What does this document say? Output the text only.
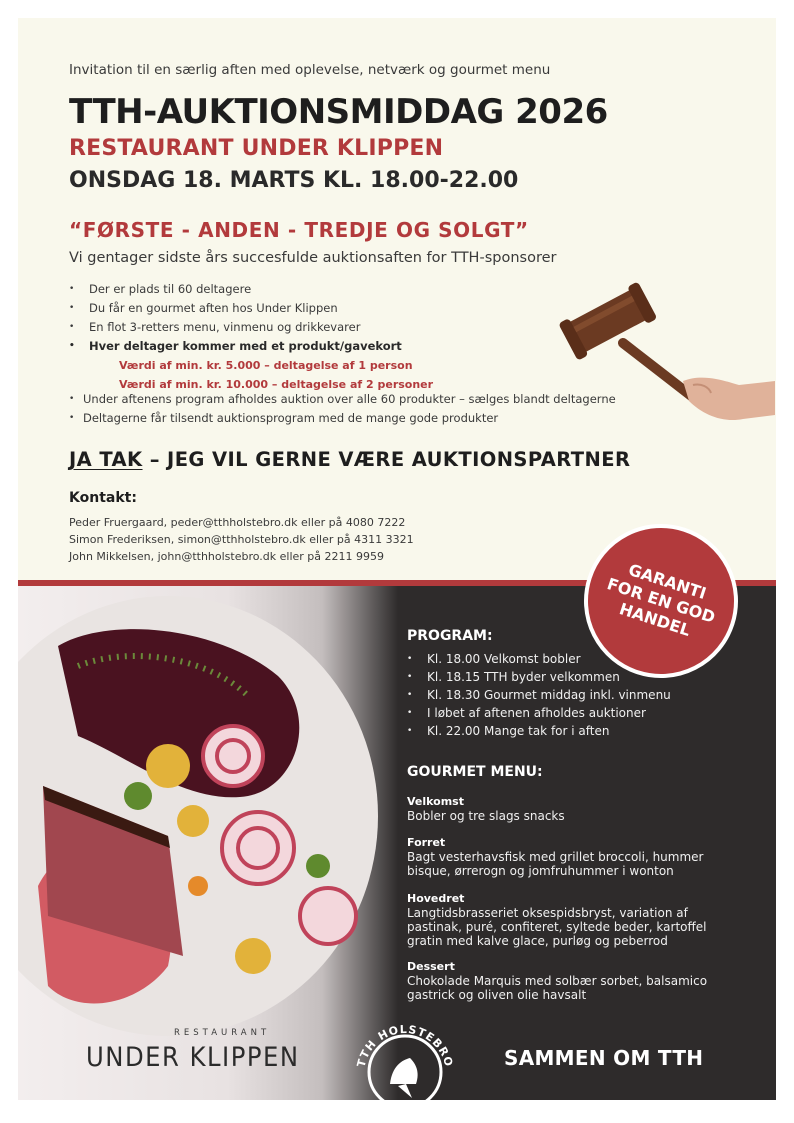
Invitation til en særlig aften med oplevelse, netværk og gourmet menu
TTH-AUKTIONSMIDDAG 2026
RESTAURANT UNDER KLIPPEN
ONSDAG 18. MARTS KL. 18.00-22.00
“FØRSTE - ANDEN - TREDJE OG SOLGT”
Vi gentager sidste års succesfulde auktionsaften for TTH-sponsorer
• Der er plads til 60 deltagere
• Du får en gourmet aften hos Under Klippen
• En flot 3-retters menu, vinmenu og drikkevarer
• Hver deltager kommer med et produkt/gavekort
Værdi af min. kr. 5.000 – deltagelse af 1 person
Værdi af min. kr. 10.000 – deltagelse af 2 personer
• Under aftenens program afholdes auktion over alle 60 produkter – sælges blandt deltagerne
• Deltagerne får tilsendt auktionsprogram med de mange gode produkter
JA TAK – JEG VIL GERNE VÆRE AUKTIONSPARTNER
Kontakt:
Peder Fruergaard, peder@tthholstebro.dk eller på 4080 7222
Simon Frederiksen, simon@tthholstebro.dk eller på 4311 3321
John Mikkelsen, john@tthholstebro.dk eller på 2211 9959
RESTAURANT
UNDER KLIPPEN
GARANTI
FOR EN GOD
HANDEL
PROGRAM:
• Kl. 18.00 Velkomst bobler
• Kl. 18.15 TTH byder velkommen
• Kl. 18.30 Gourmet middag inkl. vinmenu
• I løbet af aftenen afholdes auktioner
• Kl. 22.00 Mange tak for i aften
GOURMET MENU:
Velkomst
Bobler og tre slags snacks
Forret
Bagt vesterhavsfisk med grillet broccoli, hummer bisque, ørrerogn og jomfruhummer i wonton
Hovedret
Langtidsbrasseriet oksespidsbryst, variation af pastinak, puré, confiteret, syltede beder, kartoffel gratin med kalve glace, purløg og peberrod
Dessert
Chokolade Marquis med solbær sorbet, balsamico gastrick og oliven olie havsalt
TTH HOLSTEBRO SAMMEN OM TTH
